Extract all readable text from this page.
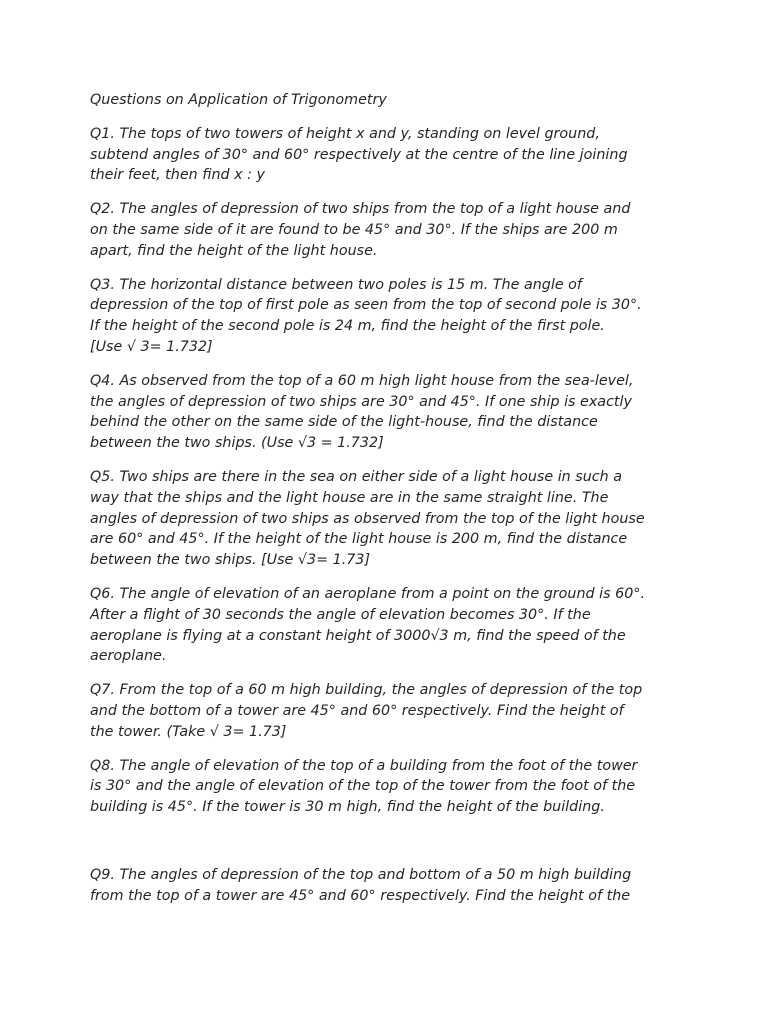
Questions on Application of Trigonometry
Q1. The tops of two towers of height x and y, standing on level ground,
subtend angles of 30° and 60° respectively at the centre of the line joining
their feet, then find x : y
Q2. The angles of depression of two ships from the top of a light house and
on the same side of it are found to be 45° and 30°. If the ships are 200 m
apart, find the height of the light house.
Q3. The horizontal distance between two poles is 15 m. The angle of
depression of the top of first pole as seen from the top of second pole is 30°.
If the height of the second pole is 24 m, find the height of the first pole.
[Use √ 3= 1.732]
Q4. As observed from the top of a 60 m high light house from the sea-level,
the angles of depression of two ships are 30° and 45°. If one ship is exactly
behind the other on the same side of the light-house, find the distance
between the two ships. (Use √3 = 1.732]
Q5. Two ships are there in the sea on either side of a light house in such a
way that the ships and the light house are in the same straight line. The
angles of depression of two ships as observed from the top of the light house
are 60° and 45°. If the height of the light house is 200 m, find the distance
between the two ships. [Use √3= 1.73]
Q6. The angle of elevation of an aeroplane from a point on the ground is 60°.
After a flight of 30 seconds the angle of elevation becomes 30°. If the
aeroplane is flying at a constant height of 3000√3 m, find the speed of the
aeroplane.
Q7. From the top of a 60 m high building, the angles of depression of the top
and the bottom of a tower are 45° and 60° respectively. Find the height of
the tower. (Take √ 3= 1.73]
Q8. The angle of elevation of the top of a building from the foot of the tower
is 30° and the angle of elevation of the top of the tower from the foot of the
building is 45°. If the tower is 30 m high, find the height of the building.
Q9. The angles of depression of the top and bottom of a 50 m high building
from the top of a tower are 45° and 60° respectively. Find the height of the
